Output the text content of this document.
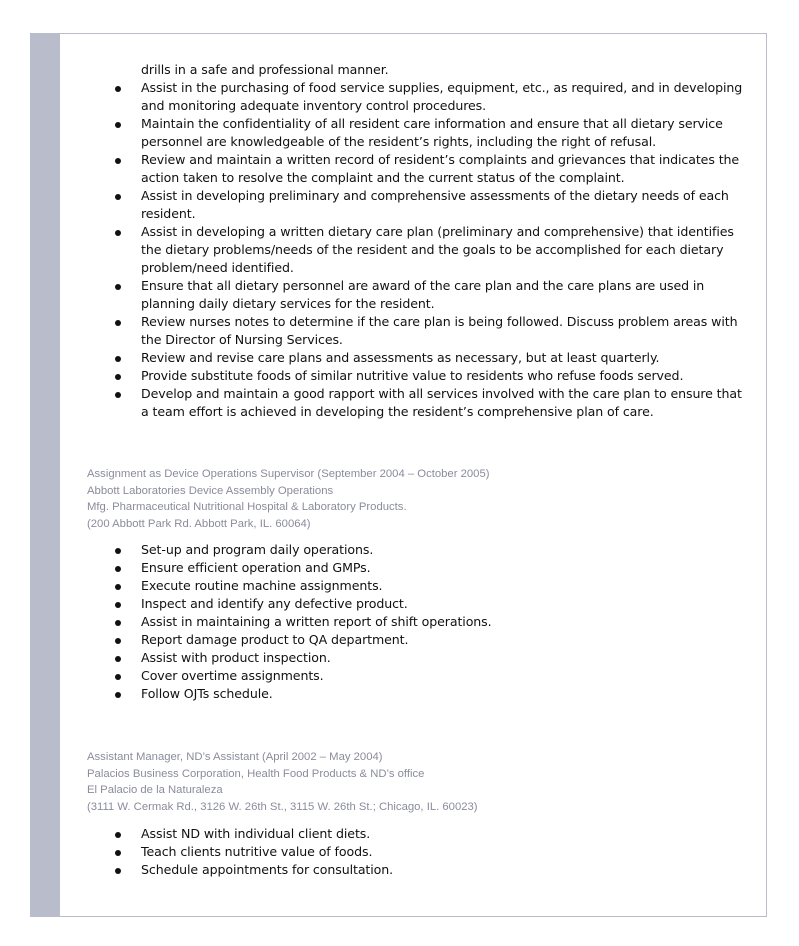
drills in a safe and professional manner.
Assist in the purchasing of food service supplies, equipment, etc., as required, and in developing and monitoring adequate inventory control procedures.
Maintain the confidentiality of all resident care information and ensure that all dietary service personnel are knowledgeable of the resident’s rights, including the right of refusal.
Review and maintain a written record of resident’s complaints and grievances that indicates the action taken to resolve the complaint and the current status of the complaint.
Assist in developing preliminary and comprehensive assessments of the dietary needs of each resident.
Assist in developing a written dietary care plan (preliminary and comprehensive) that identifies the dietary problems/needs of the resident and the goals to be accomplished for each dietary problem/need identified.
Ensure that all dietary personnel are award of the care plan and the care plans are used in planning daily dietary services for the resident.
Review nurses notes to determine if the care plan is being followed. Discuss problem areas with the Director of Nursing Services.
Review and revise care plans and assessments as necessary, but at least quarterly.
Provide substitute foods of similar nutritive value to residents who refuse foods served.
Develop and maintain a good rapport with all services involved with the care plan to ensure that a team effort is achieved in developing the resident’s comprehensive plan of care.
Assignment as Device Operations Supervisor (September 2004 – October 2005)
Abbott Laboratories Device Assembly Operations
Mfg. Pharmaceutical Nutritional Hospital & Laboratory Products.
(200 Abbott Park Rd. Abbott Park, IL. 60064)
Set-up and program daily operations.
Ensure efficient operation and GMPs.
Execute routine machine assignments.
Inspect and identify any defective product.
Assist in maintaining a written report of shift operations.
Report damage product to QA department.
Assist with product inspection.
Cover overtime assignments.
Follow OJTs schedule.
Assistant Manager, ND’s Assistant (April 2002 – May 2004)
Palacios Business Corporation, Health Food Products & ND’s office
El Palacio de la Naturaleza
(3111 W. Cermak Rd., 3126 W. 26th St., 3115 W. 26th St.; Chicago, IL. 60023)
Assist ND with individual client diets.
Teach clients nutritive value of foods.
Schedule appointments for consultation.
